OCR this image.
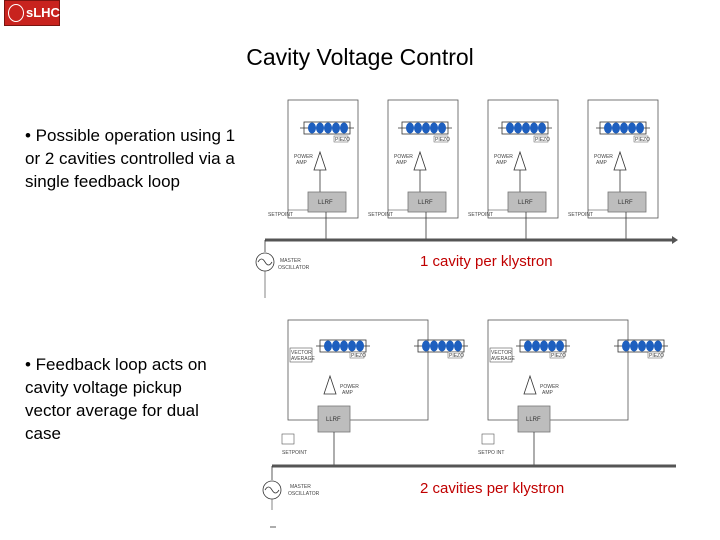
sLHC
Cavity Voltage Control
• Possible operation using 1 or 2 cavities controlled via a single feedback loop
• Feedback loop acts on cavity voltage pickup vector average for dual case
1 cavity per klystron
2 cavities per klystron
PIEZO
POWER
AMP
LLRF
SETPOINT
PIEZO
POWER
AMP
LLRF
SETPOINT
PIEZO
POWER
AMP
LLRF
SETPOINT
PIEZO
POWER
AMP
LLRF
SETPOINT
MASTER
OSCILLATOR
PIEZO	PIEZO
VECTOR
AVERAGE
POWER
AMP
LLRF
SETPOINT
PIEZO	PIEZO
VECTOR
AVERAGE
POWER
AMP
LLRF
SETPO INT
MASTER
OSCILLATOR
